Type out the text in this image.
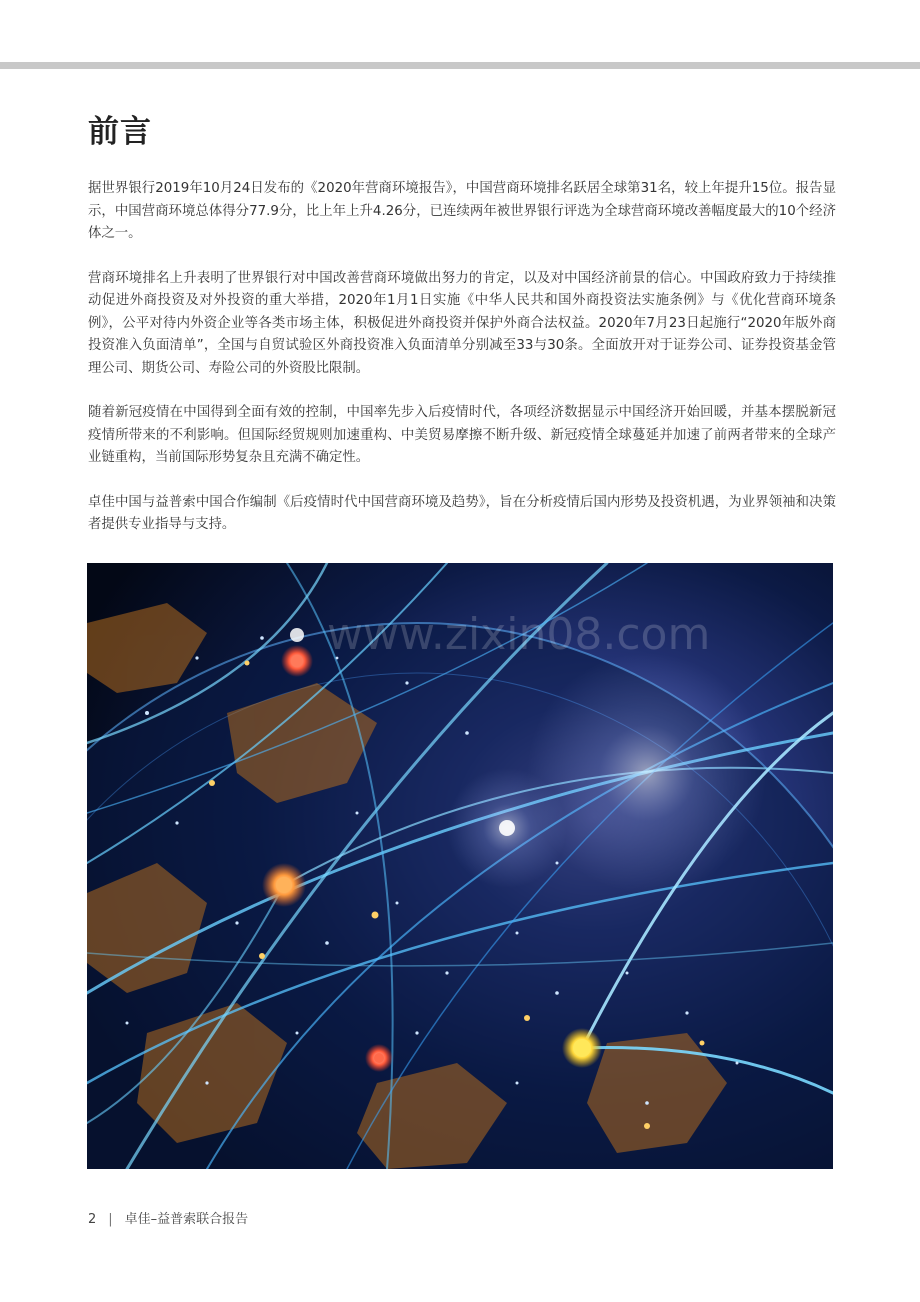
前言

据世界银行2019年10月24日发布的《2020年营商环境报告》，中国营商环境排名跃居全球第31名，较上年提升15位。报告显示，中国营商环境总体得分77.9分，比上年上升4.26分，已连续两年被世界银行评选为全球营商环境改善幅度最大的10个经济体之一。

营商环境排名上升表明了世界银行对中国改善营商环境做出努力的肯定，以及对中国经济前景的信心。中国政府致力于持续推动促进外商投资及对外投资的重大举措，2020年1月1日实施《中华人民共和国外商投资法实施条例》与《优化营商环境条例》，公平对待内外资企业等各类市场主体，积极促进外商投资并保护外商合法权益。2020年7月23日起施行“2020年版外商投资准入负面清单”，全国与自贸试验区外商投资准入负面清单分别减至33与30条。全面放开对于证券公司、证券投资基金管理公司、期货公司、寿险公司的外资股比限制。

随着新冠疫情在中国得到全面有效的控制，中国率先步入后疫情时代，各项经济数据显示中国经济开始回暖，并基本摆脱新冠疫情所带来的不利影响。但国际经贸规则加速重构、中美贸易摩擦不断升级、新冠疫情全球蔓延并加速了前两者带来的全球产业链重构，当前国际形势复杂且充满不确定性。

卓佳中国与益普索中国合作编制《后疫情时代中国营商环境及趋势》，旨在分析疫情后国内形势及投资机遇，为业界领袖和决策者提供专业指导与支持。

www.zixin08.com
2 | 卓佳–益普索联合报告
